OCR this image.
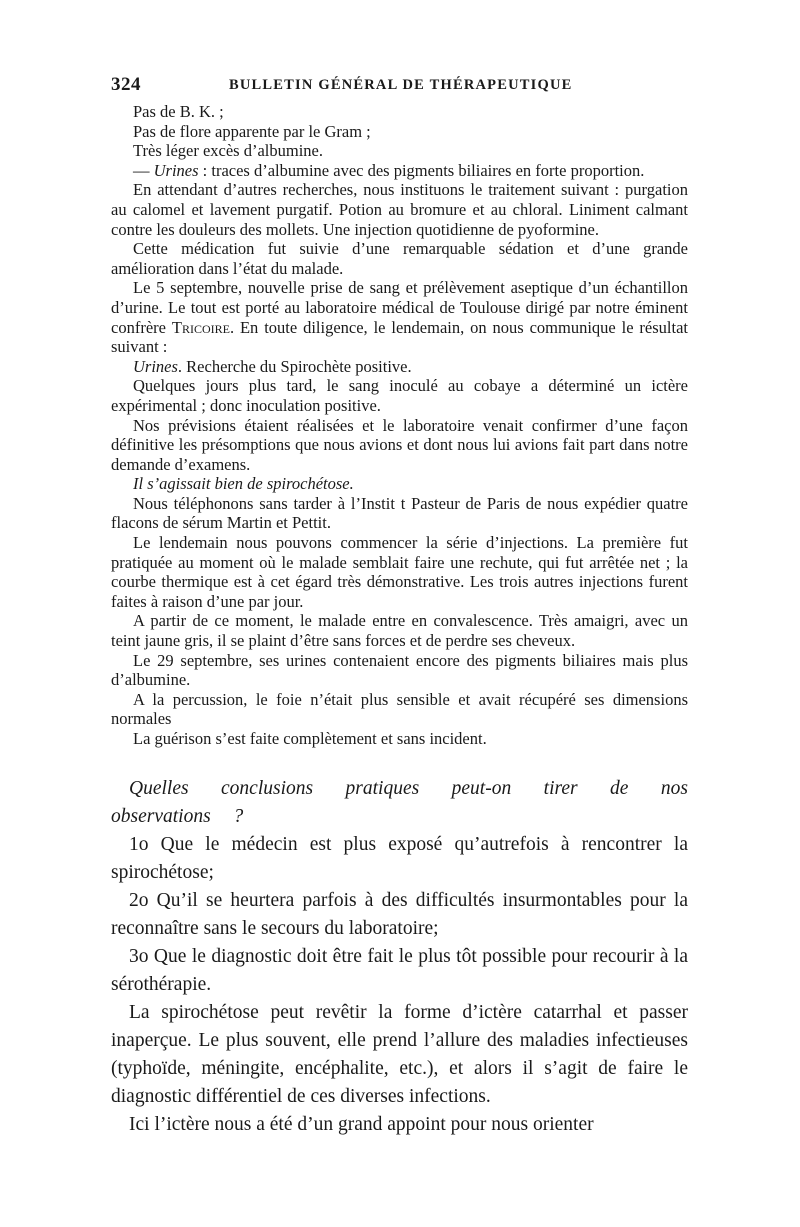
324	BULLETIN GÉNÉRAL DE THÉRAPEUTIQUE

Pas de B. K. ;

Pas de flore apparente par le Gram ;

Très léger excès d’albumine.

— Urines : traces d’albumine avec des pigments biliaires en forte proportion.

En attendant d’autres recherches, nous instituons le traitement suivant : purgation au calomel et lavement purgatif. Potion au bromure et au chloral. Liniment calmant contre les douleurs des mollets. Une injection quotidienne de pyoformine.

Cette médication fut suivie d’une remarquable sédation et d’une grande amélioration dans l’état du malade.

Le 5 septembre, nouvelle prise de sang et prélèvement aseptique d’un échantillon d’urine. Le tout est porté au laboratoire médical de Toulouse dirigé par notre éminent confrère Tricoire. En toute diligence, le lendemain, on nous communique le résultat suivant :

Urines. Recherche du Spirochète positive.

Quelques jours plus tard, le sang inoculé au cobaye a déterminé un ictère expérimental ; donc inoculation positive.

Nos prévisions étaient réalisées et le laboratoire venait confirmer d’une façon définitive les présomptions que nous avions et dont nous lui avions fait part dans notre demande d’examens.

Il s’agissait bien de spirochétose.

Nous téléphonons sans tarder à l’Instit t Pasteur de Paris de nous expédier quatre flacons de sérum Martin et Pettit.

Le lendemain nous pouvons commencer la série d’injections. La première fut pratiquée au moment où le malade semblait faire une rechute, qui fut arrêtée net ; la courbe thermique est à cet égard très démonstrative. Les trois autres injections furent faites à raison d’une par jour.

A partir de ce moment, le malade entre en convalescence. Très amaigri, avec un teint jaune gris, il se plaint d’être sans forces et de perdre ses cheveux.

Le 29 septembre, ses urines contenaient encore des pigments biliaires mais plus d’albumine.

A la percussion, le foie n’était plus sensible et avait récupéré ses dimensions normales

La guérison s’est faite complètement et sans incident.

Quelles conclusions pratiques peut-on tirer de nos observations ?

1o Que le médecin est plus exposé qu’autrefois à rencontrer la spirochétose;

2o Qu’il se heurtera parfois à des difficultés insurmontables pour la reconnaître sans le secours du laboratoire;

3o Que le diagnostic doit être fait le plus tôt possible pour recourir à la sérothérapie.

La spirochétose peut revêtir la forme d’ictère catarrhal et passer inaperçue. Le plus souvent, elle prend l’allure des maladies infectieuses (typhoïde, méningite, encéphalite, etc.), et alors il s’agit de faire le diagnostic différentiel de ces diverses infections.

Ici l’ictère nous a été d’un grand appoint pour nous orienter
